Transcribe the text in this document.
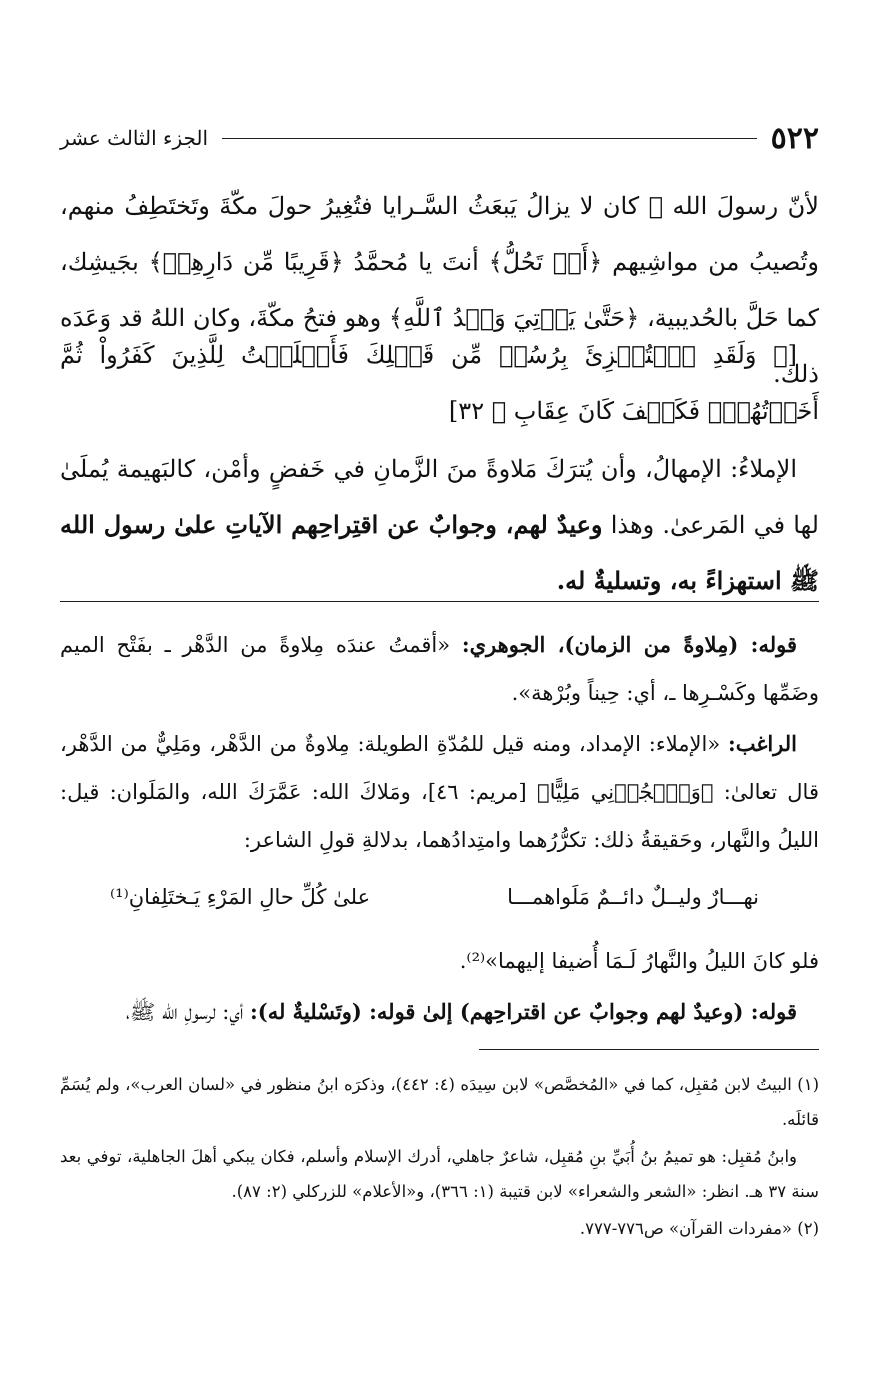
٥٢٢
الجزء الثالث عشر

لأنّ رسولَ الله ﷺ كان لا يزالُ يَبعَثُ السَّـرايا فتُغِيرُ حولَ مكّةَ وتَختَطِفُ منهم، وتُصيبُ من مواشِيهم ﴿أَوۡ تَحُلُّ﴾ أنتَ يا مُحمَّدُ ﴿قَرِيبًا مِّن دَارِهِمۡ﴾ بجَيشِك، كما حَلَّ بالحُديبية، ﴿حَتَّىٰ يَأۡتِيَ وَعۡدُ ٱللَّهِ﴾ وهو فتحُ مكّةَ، وكان اللهُ قد وَعَدَه ذلك.

[﴿ وَلَقَدِ ٱسۡتُهۡزِئَ بِرُسُلٖ مِّن قَبۡلِكَ فَأَمۡلَيۡتُ لِلَّذِينَ كَفَرُواْ ثُمَّ أَخَذۡتُهُمۡۖ فَكَيۡفَ كَانَ عِقَابِ ﴾ ٣٢]

الإملاءُ: الإمهالُ، وأن يُترَكَ مَلاوةً منَ الزَّمانِ في خَفضٍ وأمْن، كالبَهيمة يُملَىٰ لها في المَرعىٰ. وهذا وعيدٌ لهم، وجوابٌ عن اقتِراحِهم الآياتِ علىٰ رسول الله ﷺ استهزاءً به، وتسليةٌ له.

قوله: (مِلاوةً من الزمان)، الجوهري: «أقمتُ عندَه مِلاوةً من الدَّهْر ـ بفَتْح الميم وضَمِّها وكَسْـرِها ـ، أي: حِيناً وبُرْهة».

الراغب: «الإملاء: الإمداد، ومنه قيل للمُدّةِ الطويلة: مِلاوةٌ من الدَّهْر، ومَلِيٌّ من الدَّهْر، قال تعالىٰ: ﴿وَٱهۡجُرۡنِي مَلِيًّا﴾ [مريم: ٤٦]، ومَلاكَ الله: عَمَّرَكَ الله، والمَلَوان: قيل: الليلُ والنَّهار، وحَقيقةُ ذلك: تكرُّرُهما وامتِدادُهما، بدلالةِ قولِ الشاعر:

نهـــارٌ وليــلٌ دائــمٌ مَلَواهمـــا
علىٰ كُلِّ حالِ المَرْءِ يَـختَلِفانِ⁽¹⁾

فلو كانَ الليلُ والنَّهارُ لَـمَا أُضيفا إليهما»⁽²⁾.

قوله: (وعيدٌ لهم وجوابٌ عن اقتراحِهم) إلىٰ قوله: (وتَسْليةٌ له): أي: لرسولِ الله ﷺ،

(١) البيتُ لابن مُقبِل، كما في «المُخصَّص» لابن سِيدَه (٤: ٤٤٢)، وذكرَه ابنُ منظور في «لسان العرب»، ولم يُسَمِّ قائلَه.

وابنُ مُقبِل: هو تميمُ بنُ أُبَيِّ بنِ مُقبِل، شاعرٌ جاهلي، أدرك الإسلام وأسلم، فكان يبكي أهلَ الجاهلية، توفي بعد سنة ٣٧ هـ. انظر: «الشعر والشعراء» لابن قتيبة (١: ٣٦٦)، و«الأعلام» للزركلي (٢: ٨٧).

(٢) «مفردات القرآن» ص٧٧٦-٧٧٧.
